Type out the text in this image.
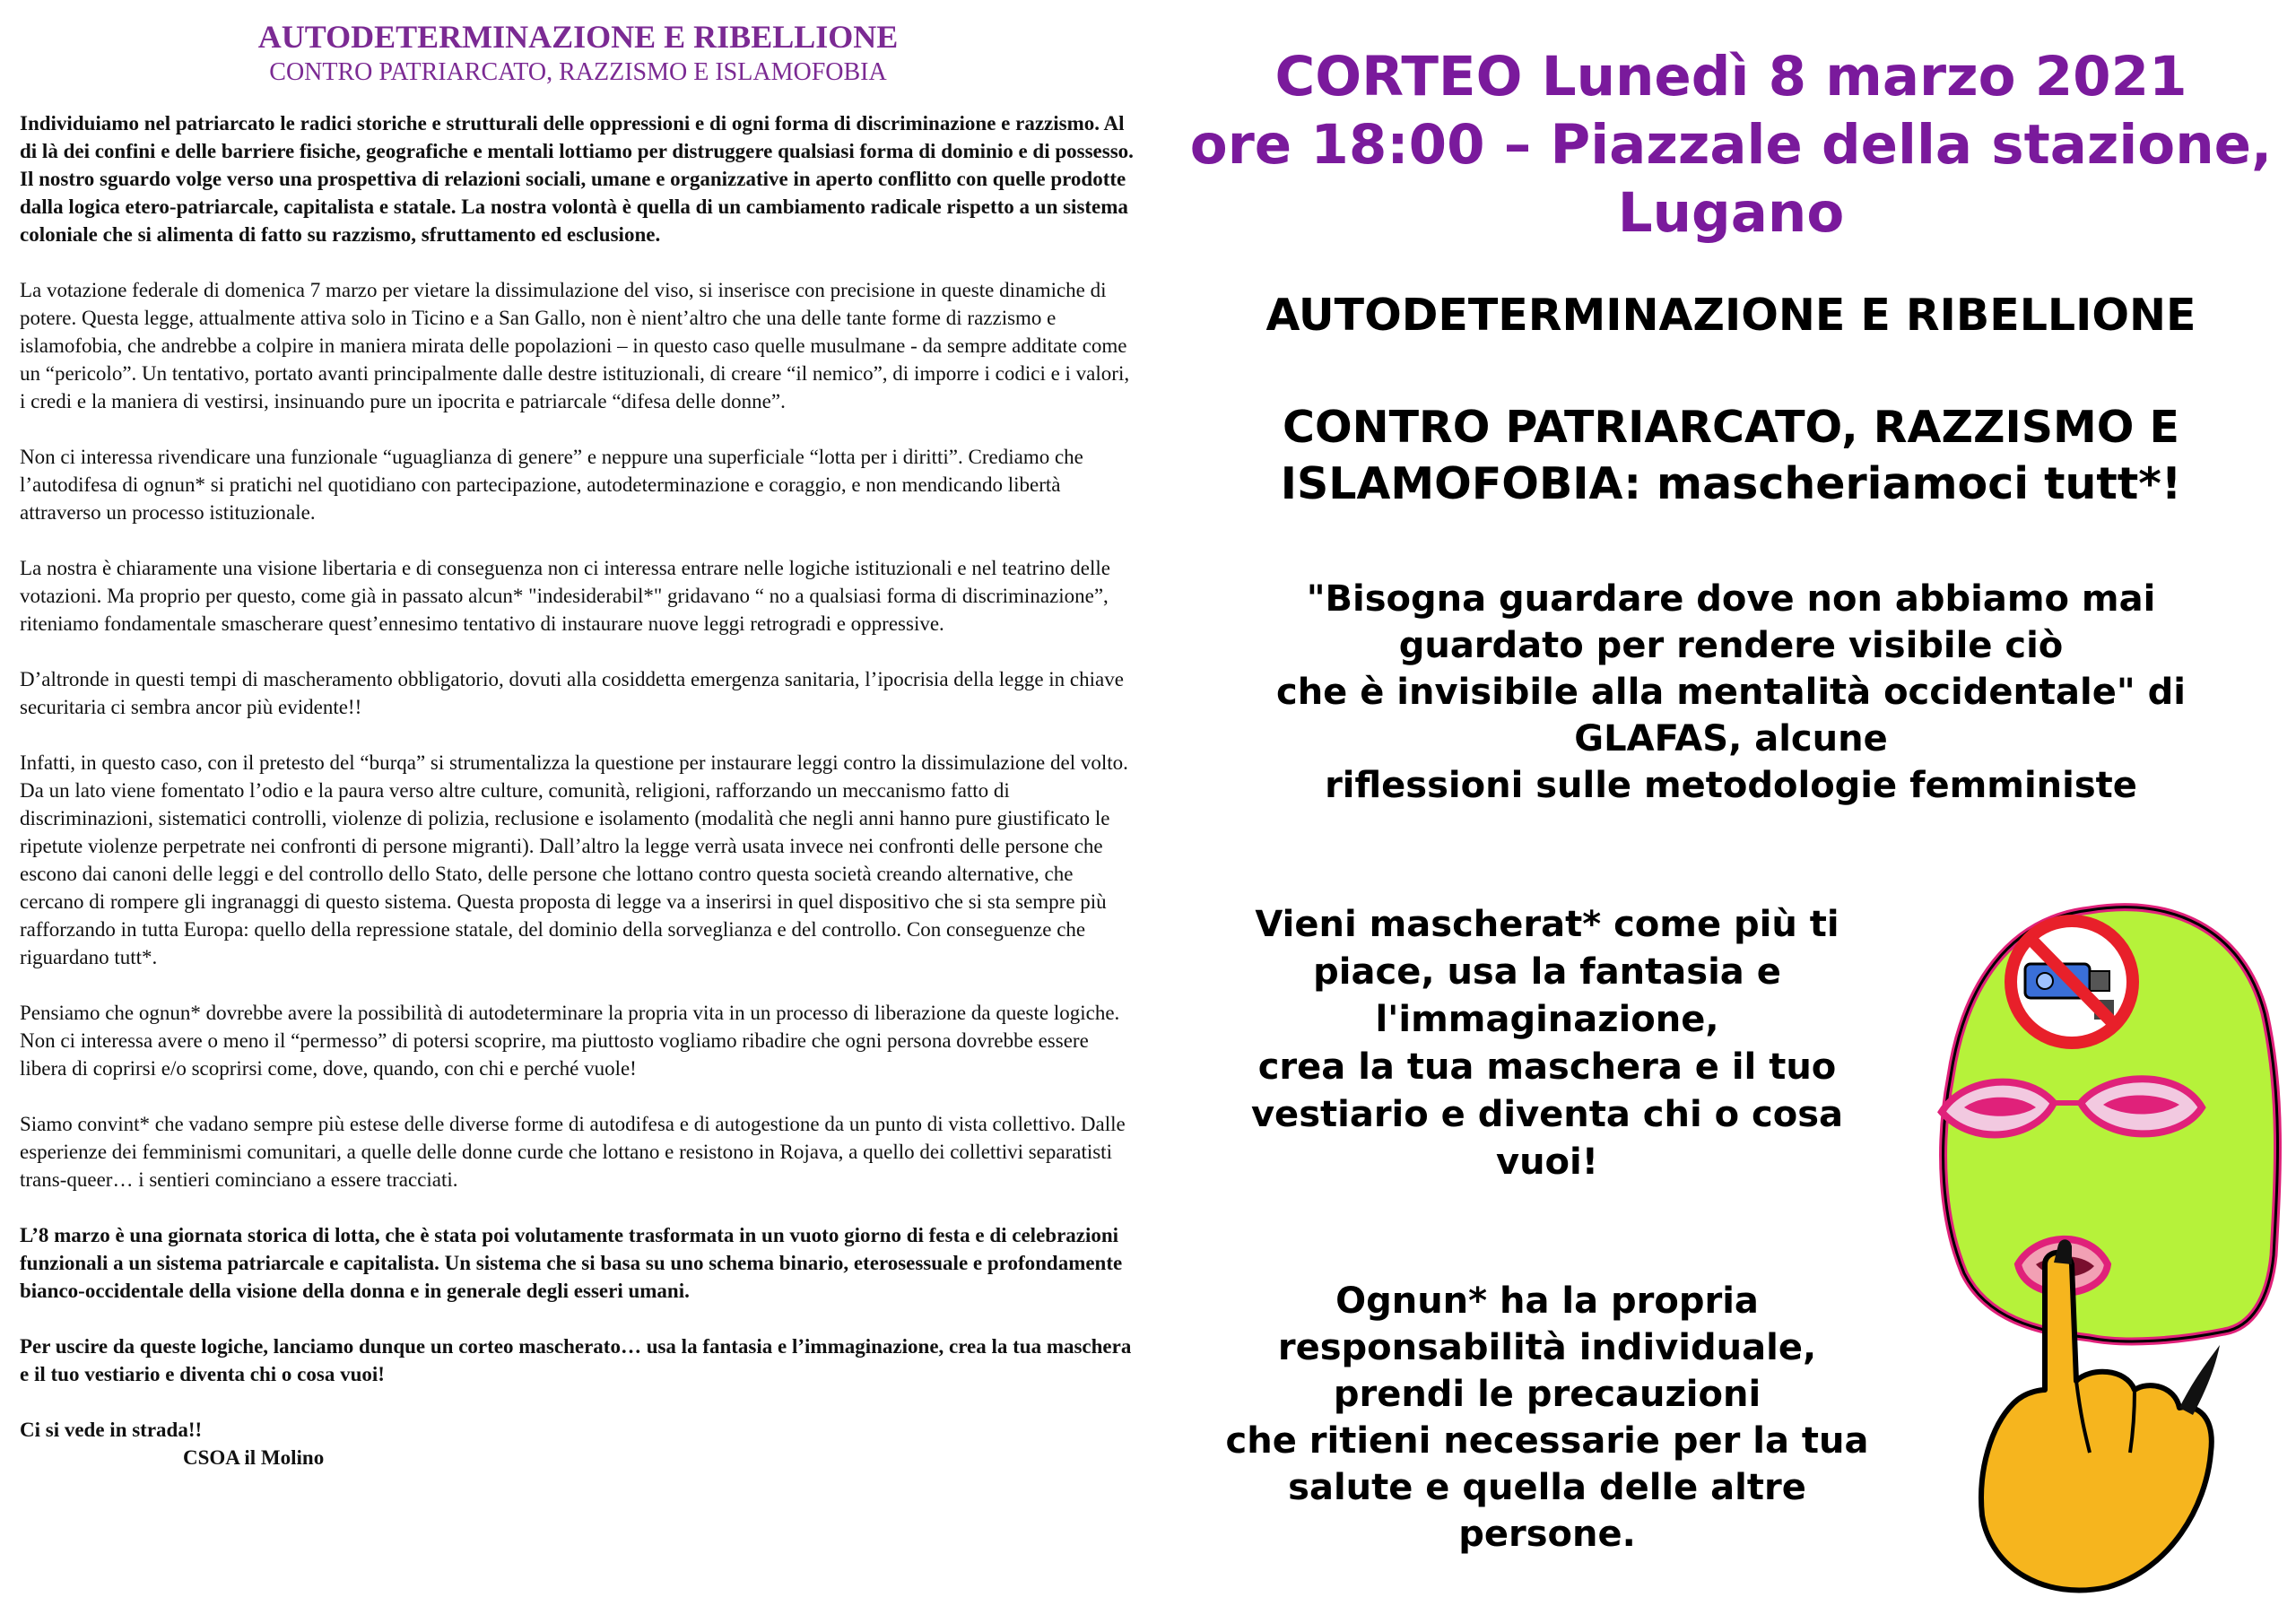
AUTODETERMINAZIONE E RIBELLIONE
CONTRO PATRIARCATO, RAZZISMO E ISLAMOFOBIA

Individuiamo nel patriarcato le radici storiche e strutturali delle oppressioni e di ogni forma di discriminazione e razzismo. Al di là dei confini e delle barriere fisiche, geografiche e mentali lottiamo per distruggere qualsiasi forma di dominio e di possesso. Il nostro sguardo volge verso una prospettiva di relazioni sociali, umane e organizzative in aperto conflitto con quelle prodotte dalla logica etero-patriarcale, capitalista e statale. La nostra volontà è quella di un cambiamento radicale rispetto a un sistema coloniale che si alimenta di fatto su razzismo, sfruttamento ed esclusione.

La votazione federale di domenica 7 marzo per vietare la dissimulazione del viso, si inserisce con precisione in queste dinamiche di potere. Questa legge, attualmente attiva solo in Ticino e a San Gallo, non è nient’altro che una delle tante forme di razzismo e islamofobia, che andrebbe a colpire in maniera mirata delle popolazioni – in questo caso quelle musulmane - da sempre additate come un “pericolo”. Un tentativo, portato avanti principalmente dalle destre istituzionali, di creare “il nemico”, di imporre i codici e i valori, i credi e la maniera di vestirsi, insinuando pure un ipocrita e patriarcale “difesa delle donne”.

Non ci interessa rivendicare una funzionale “uguaglianza di genere” e neppure una superficiale “lotta per i diritti”. Crediamo che l’autodifesa di ognun* si pratichi nel quotidiano con partecipazione, autodeterminazione e coraggio, e non mendicando libertà attraverso un processo istituzionale.

La nostra è chiaramente una visione libertaria e di conseguenza non ci interessa entrare nelle logiche istituzionali e nel teatrino delle votazioni. Ma proprio per questo, come già in passato alcun* "indesiderabil*" gridavano “ no a qualsiasi forma di discriminazione”, riteniamo fondamentale smascherare quest’ennesimo tentativo di instaurare nuove leggi retrogradi e oppressive.

D’altronde in questi tempi di mascheramento obbligatorio, dovuti alla cosiddetta emergenza sanitaria, l’ipocrisia della legge in chiave securitaria ci sembra ancor più evidente!!

Infatti, in questo caso, con il pretesto del “burqa” si strumentalizza la questione per instaurare leggi contro la dissimulazione del volto. Da un lato viene fomentato l’odio e la paura verso altre culture, comunità, religioni, rafforzando un meccanismo fatto di discriminazioni, sistematici controlli, violenze di polizia, reclusione e isolamento (modalità che negli anni hanno pure giustificato le ripetute violenze perpetrate nei confronti di persone migranti). Dall’altro la legge verrà usata invece nei confronti delle persone che escono dai canoni delle leggi e del controllo dello Stato, delle persone che lottano contro questa società creando alternative, che cercano di rompere gli ingranaggi di questo sistema. Questa proposta di legge va a inserirsi in quel dispositivo che si sta sempre più rafforzando in tutta Europa: quello della repressione statale, del dominio della sorveglianza e del controllo. Con conseguenze che riguardano tutt*.

Pensiamo che ognun* dovrebbe avere la possibilità di autodeterminare la propria vita in un processo di liberazione da queste logiche. Non ci interessa avere o meno il “permesso” di potersi scoprire, ma piuttosto vogliamo ribadire che ogni persona dovrebbe essere libera di coprirsi e/o scoprirsi come, dove, quando, con chi e perché vuole!

Siamo convint* che vadano sempre più estese delle diverse forme di autodifesa e di autogestione da un punto di vista collettivo. Dalle esperienze dei femminismi comunitari, a quelle delle donne curde che lottano e resistono in Rojava, a quello dei collettivi separatisti trans-queer… i sentieri cominciano a essere tracciati.

L’8 marzo è una giornata storica di lotta, che è stata poi volutamente trasformata in un vuoto giorno di festa e di celebrazioni funzionali a un sistema patriarcale e capitalista. Un sistema che si basa su uno schema binario, eterosessuale e profondamente bianco-occidentale della visione della donna e in generale degli esseri umani.

Per uscire da queste logiche, lanciamo dunque un corteo mascherato… usa la fantasia e l’immaginazione, crea la tua maschera e il tuo vestiario e diventa chi o cosa vuoi!

Ci si vede in strada!!

CSOA il Molino

CORTEO Lunedì 8 marzo 2021
ore 18:00 – Piazzale della stazione,
Lugano
AUTODETERMINAZIONE E RIBELLIONE
CONTRO PATRIARCATO, RAZZISMO E
ISLAMOFOBIA: mascheriamoci tutt*!
"Bisogna guardare dove non abbiamo mai
guardato per rendere visibile ciò
che è invisibile alla mentalità occidentale" di
GLAFAS, alcune
riflessioni sulle metodologie femministe
Vieni mascherat* come più ti
piace, usa la fantasia e
l'immaginazione,
crea la tua maschera e il tuo
vestiario e diventa chi o cosa
vuoi!
Ognun* ha la propria
responsabilità individuale,
prendi le precauzioni
che ritieni necessarie per la tua
salute e quella delle altre
persone.
